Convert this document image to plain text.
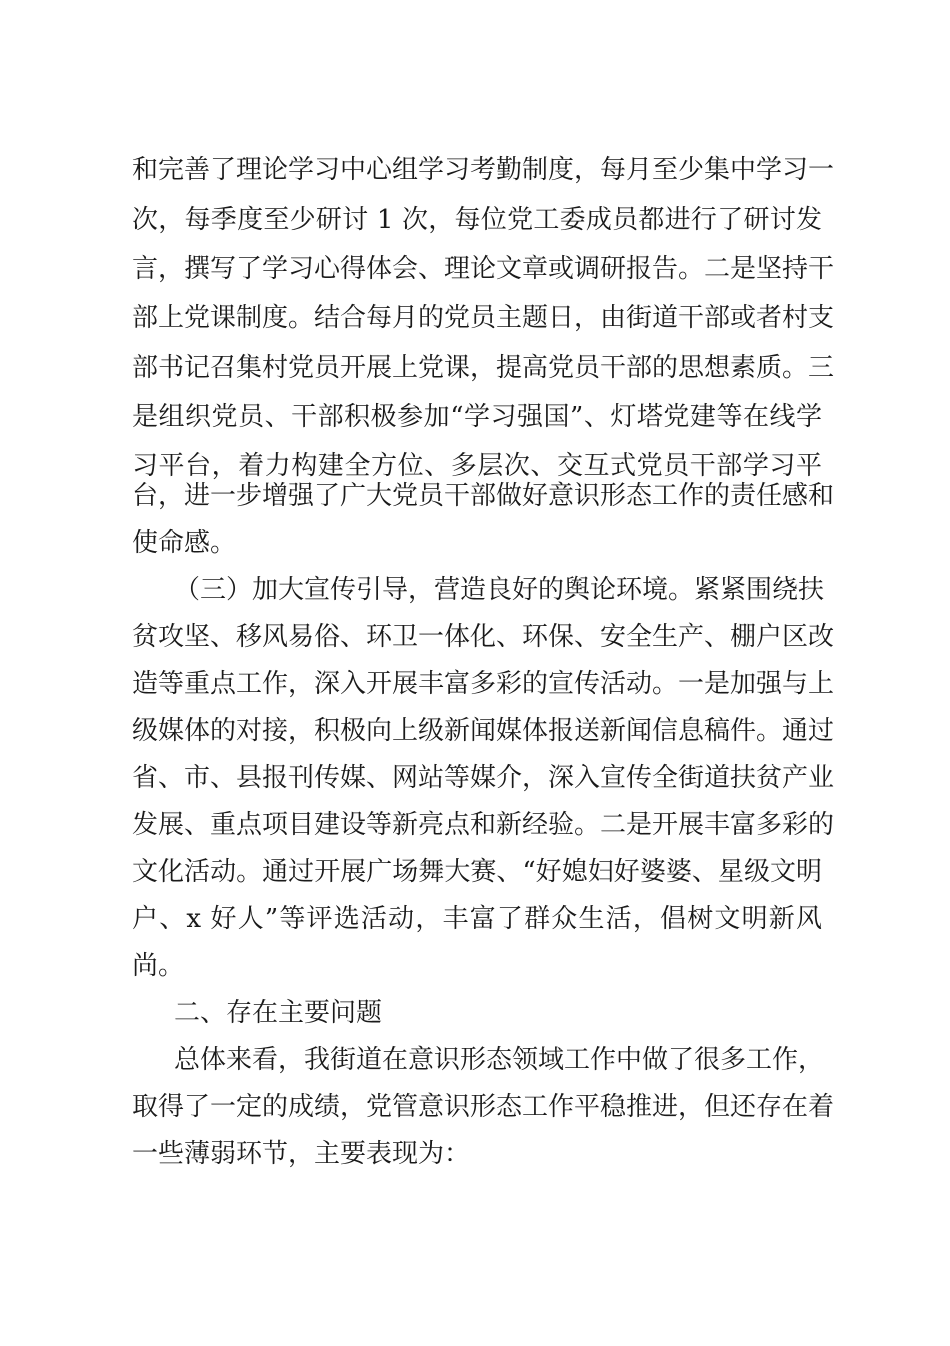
和完善了理论学习中心组学习考勤制度，每月至少集中学习一
次，每季度至少研讨 1 次，每位党工委成员都进行了研讨发
言，撰写了学习心得体会、理论文章或调研报告。二是坚持干
部上党课制度。结合每月的党员主题日，由街道干部或者村支
部书记召集村党员开展上党课，提高党员干部的思想素质。三
是组织党员、干部积极参加“学习强国”、灯塔党建等在线学
习平台，着力构建全方位、多层次、交互式党员干部学习平
台，进一步增强了广大党员干部做好意识形态工作的责任感和
使命感。
（三）加大宣传引导，营造良好的舆论环境。紧紧围绕扶
贫攻坚、移风易俗、环卫一体化、环保、安全生产、棚户区改
造等重点工作，深入开展丰富多彩的宣传活动。一是加强与上
级媒体的对接，积极向上级新闻媒体报送新闻信息稿件。通过
省、市、县报刊传媒、网站等媒介，深入宣传全街道扶贫产业
发展、重点项目建设等新亮点和新经验。二是开展丰富多彩的
文化活动。通过开展广场舞大赛、“好媳妇好婆婆、星级文明
户、x 好人”等评选活动，丰富了群众生活，倡树文明新风
尚。
二、存在主要问题
总体来看，我街道在意识形态领域工作中做了很多工作，
取得了一定的成绩，党管意识形态工作平稳推进，但还存在着
一些薄弱环节，主要表现为：
